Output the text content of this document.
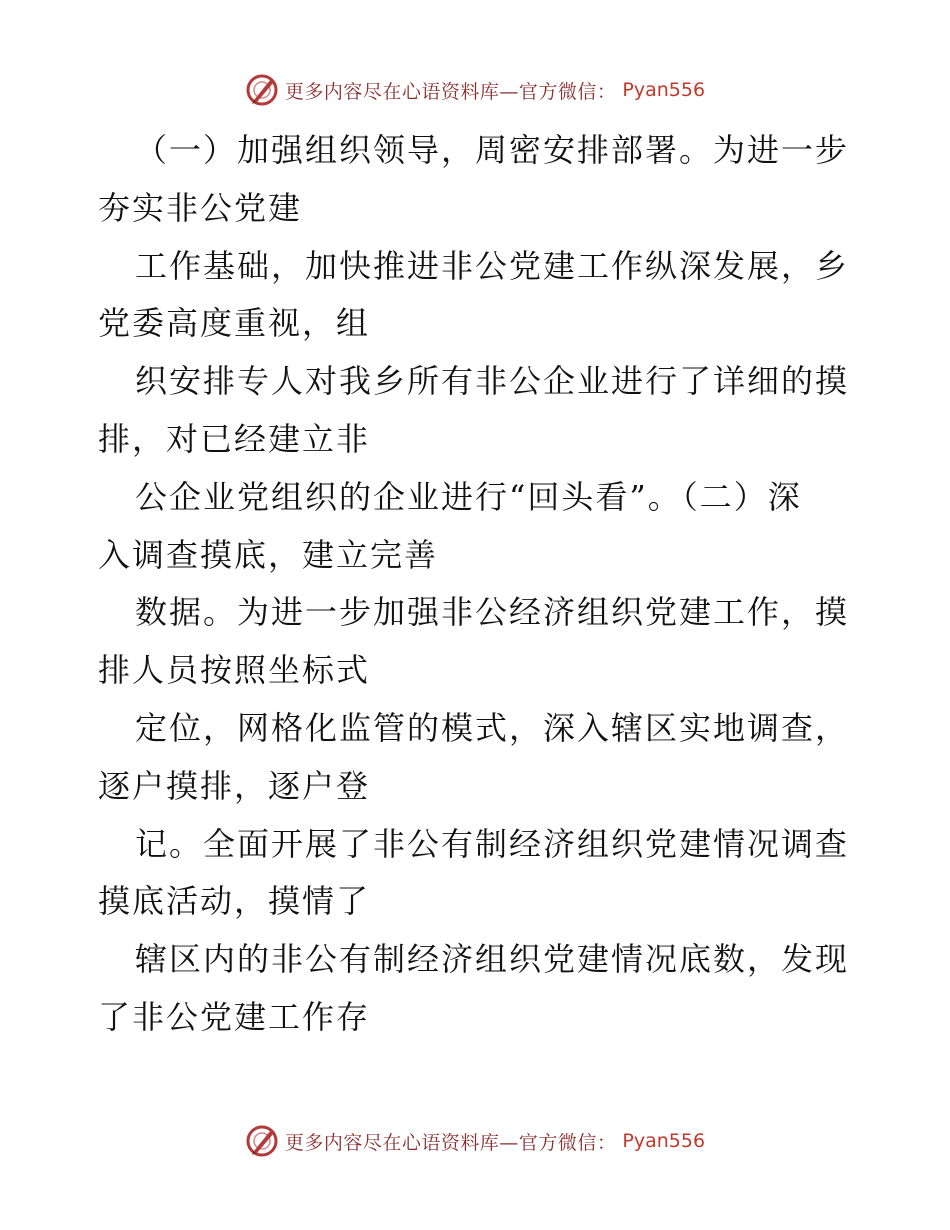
更多内容尽在心语资料库—官方微信： Pyan556

（一）加强组织领导，周密安排部署。为进一步
夯实非公党建

工作基础，加快推进非公党建工作纵深发展，乡
党委高度重视，组

织安排专人对我乡所有非公企业进行了详细的摸
排，对已经建立非

公企业党组织的企业进行“回头看”。（二）深
入调查摸底，建立完善

数据。为进一步加强非公经济组织党建工作，摸
排人员按照坐标式

定位，网格化监管的模式，深入辖区实地调查，
逐户摸排，逐户登

记。全面开展了非公有制经济组织党建情况调查
摸底活动，摸情了

辖区内的非公有制经济组织党建情况底数，发现
了非公党建工作存

更多内容尽在心语资料库—官方微信： Pyan556
